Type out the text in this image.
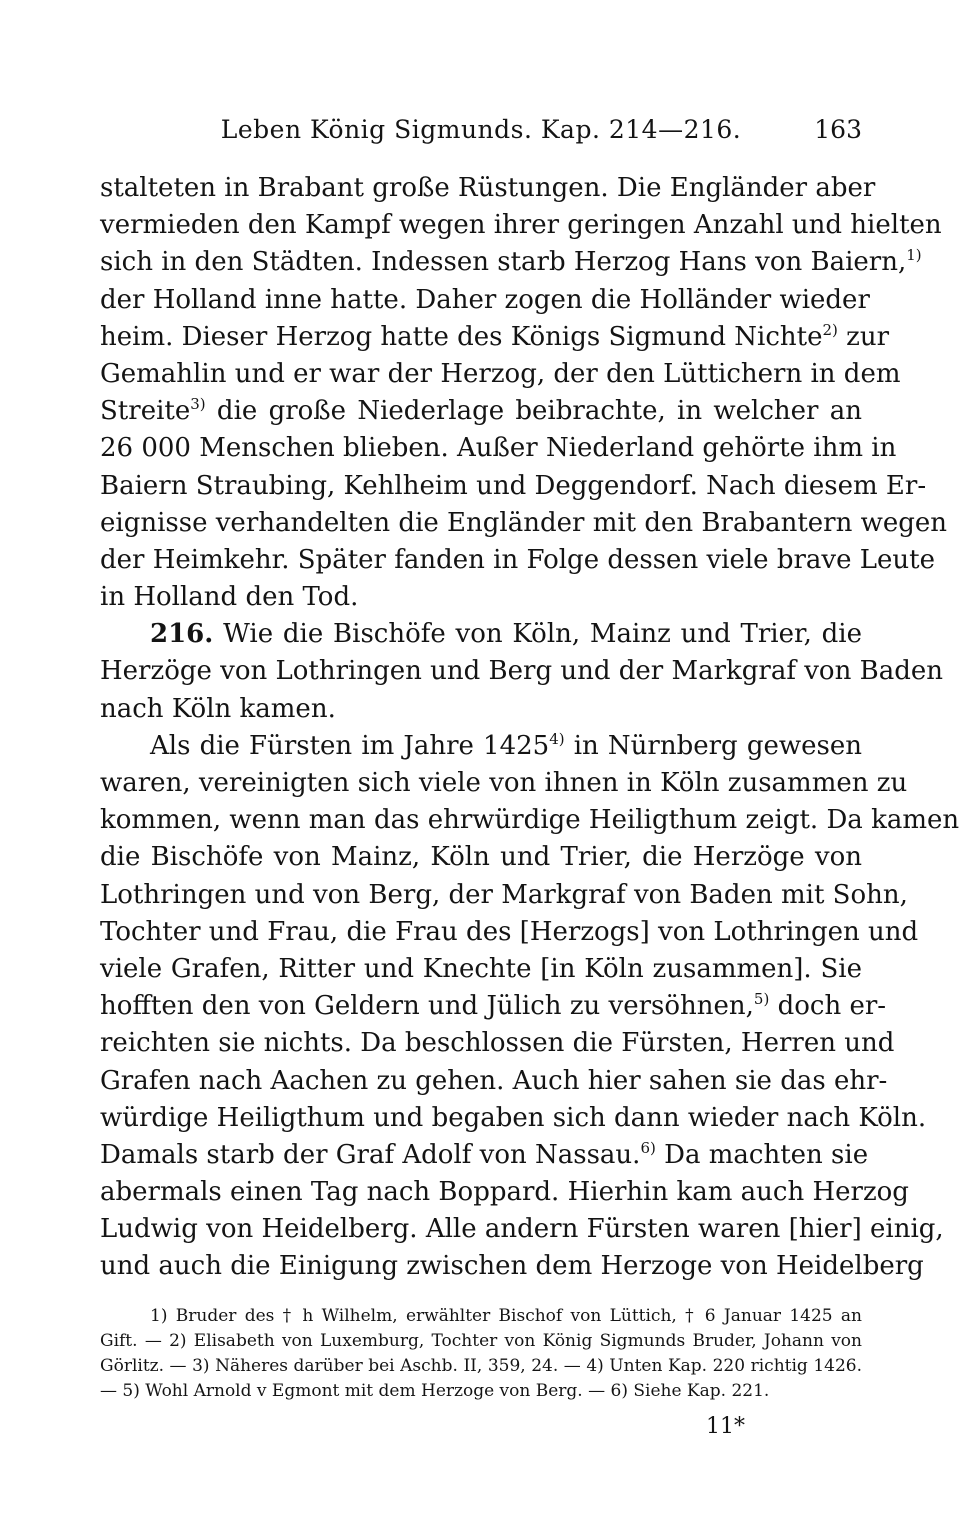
Leben König Sigmunds. Kap. 214—216.	163
stalteten in Brabant große Rüstungen. Die Engländer aber
vermieden den Kampf wegen ihrer geringen Anzahl und hielten
sich in den Städten. Indessen starb Herzog Hans von Baiern,$^{1)}$
der Holland inne hatte. Daher zogen die Holländer wieder
heim. Dieser Herzog hatte des Königs Sigmund Nichte$^{2)}$ zur
Gemahlin und er war der Herzog, der den Lüttichern in dem
Streite$^{3)}$ die große Niederlage beibrachte, in welcher an
26 000 Menschen blieben. Außer Niederland gehörte ihm in
Baiern Straubing, Kehlheim und Deggendorf. Nach diesem Er-
eignisse verhandelten die Engländer mit den Brabantern wegen
der Heimkehr. Später fanden in Folge dessen viele brave Leute
in Holland den Tod.
216. Wie die Bischöfe von Köln, Mainz und Trier, die
Herzöge von Lothringen und Berg und der Markgraf von Baden
nach Köln kamen.
Als die Fürsten im Jahre 1425$^{4)}$ in Nürnberg gewesen
waren, vereinigten sich viele von ihnen in Köln zusammen zu
kommen, wenn man das ehrwürdige Heiligthum zeigt. Da kamen
die Bischöfe von Mainz, Köln und Trier, die Herzöge von
Lothringen und von Berg, der Markgraf von Baden mit Sohn,
Tochter und Frau, die Frau des [Herzogs] von Lothringen und
viele Grafen, Ritter und Knechte [in Köln zusammen]. Sie
hofften den von Geldern und Jülich zu versöhnen,$^{5)}$ doch er-
reichten sie nichts. Da beschlossen die Fürsten, Herren und
Grafen nach Aachen zu gehen. Auch hier sahen sie das ehr-
würdige Heiligthum und begaben sich dann wieder nach Köln.
Damals starb der Graf Adolf von Nassau.$^{6)}$ Da machten sie
abermals einen Tag nach Boppard. Hierhin kam auch Herzog
Ludwig von Heidelberg. Alle andern Fürsten waren [hier] einig,
und auch die Einigung zwischen dem Herzoge von Heidelberg
1) Bruder des † h Wilhelm, erwählter Bischof von Lüttich, † 6 Januar 1425 an
Gift. — 2) Elisabeth von Luxemburg, Tochter von König Sigmunds Bruder, Johann von
Görlitz. — 3) Näheres darüber bei Aschb. II, 359, 24. — 4) Unten Kap. 220 richtig 1426.
— 5) Wohl Arnold v Egmont mit dem Herzoge von Berg. — 6) Siehe Kap. 221.
11*
